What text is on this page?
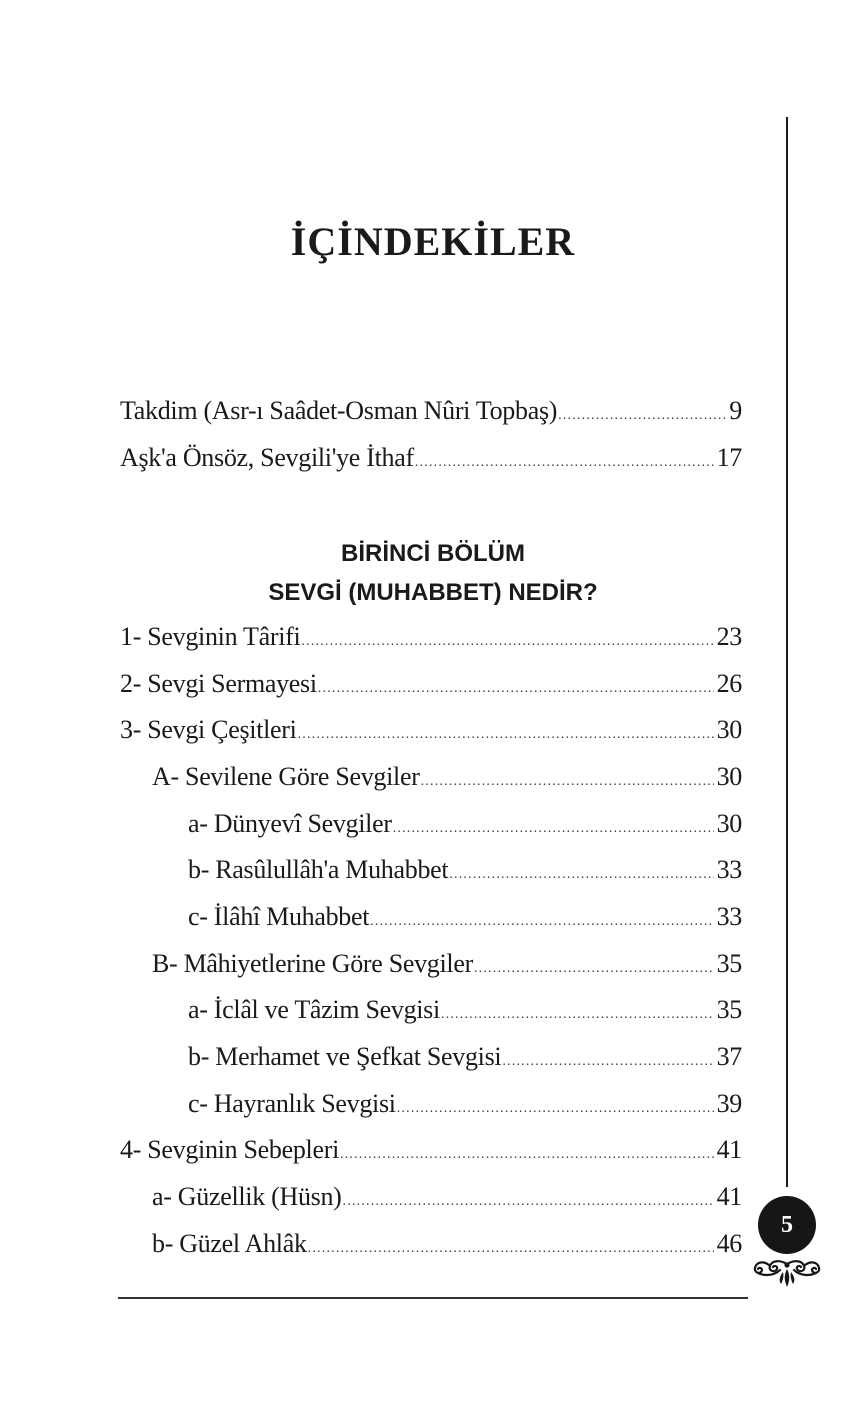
İÇİNDEKİLER
Takdim (Asr-ı Saâdet-Osman Nûri Topbaş) .....	9
Aşk'a Önsöz, Sevgili'ye İthaf .....	17
BİRİNCİ BÖLÜM
SEVGİ (MUHABBET) NEDİR?
1- Sevginin Târifi .....	23
2- Sevgi Sermayesi .....	26
3- Sevgi Çeşitleri .....	30
A- Sevilene Göre Sevgiler .....	30
a- Dünyevî Sevgiler .....	30
b- Rasûlullâh'a Muhabbet .....	33
c- İlâhî Muhabbet .....	33
B- Mâhiyetlerine Göre Sevgiler .....	35
a- İclâl ve Tâzim Sevgisi .....	35
b- Merhamet ve Şefkat Sevgisi .....	37
c- Hayranlık Sevgisi .....	39
4- Sevginin Sebepleri .....	41
a- Güzellik (Hüsn) .....	41
b- Güzel Ahlâk .....	46
5
